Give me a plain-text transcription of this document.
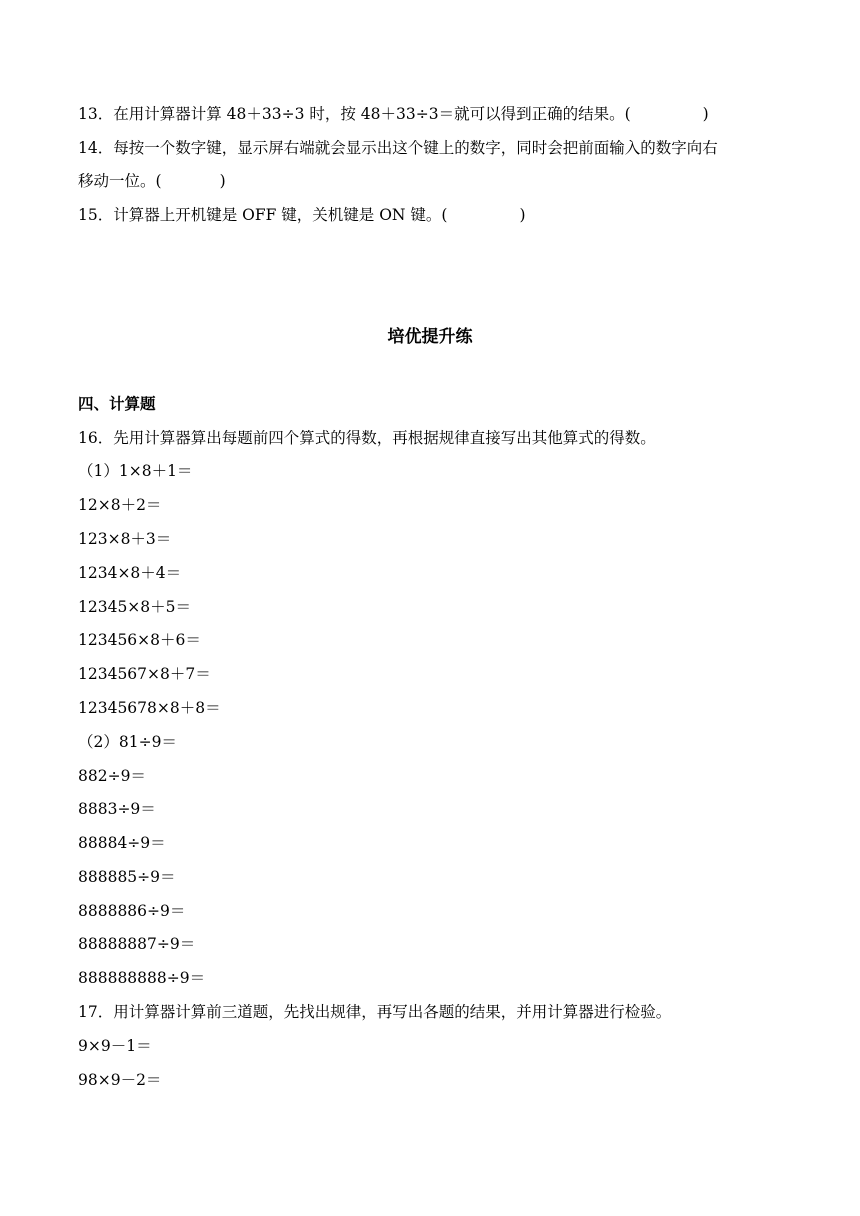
13．在用计算器计算 48＋33÷3 时，按 48＋33÷3＝就可以得到正确的结果。(	)
14．每按一个数字键，显示屏右端就会显示出这个键上的数字，同时会把前面输入的数字向右
移动一位。(	)
15．计算器上开机键是 OFF 键，关机键是 ON 键。(	)
培优提升练
四、计算题
16．先用计算器算出每题前四个算式的得数，再根据规律直接写出其他算式的得数。
（1）1×8＋1＝
12×8＋2＝
123×8＋3＝
1234×8＋4＝
12345×8＋5＝
123456×8＋6＝
1234567×8＋7＝
12345678×8＋8＝
（2）81÷9＝
882÷9＝
8883÷9＝
88884÷9＝
888885÷9＝
8888886÷9＝
88888887÷9＝
888888888÷9＝
17．用计算器计算前三道题，先找出规律，再写出各题的结果，并用计算器进行检验。
9×9－1＝
98×9－2＝
